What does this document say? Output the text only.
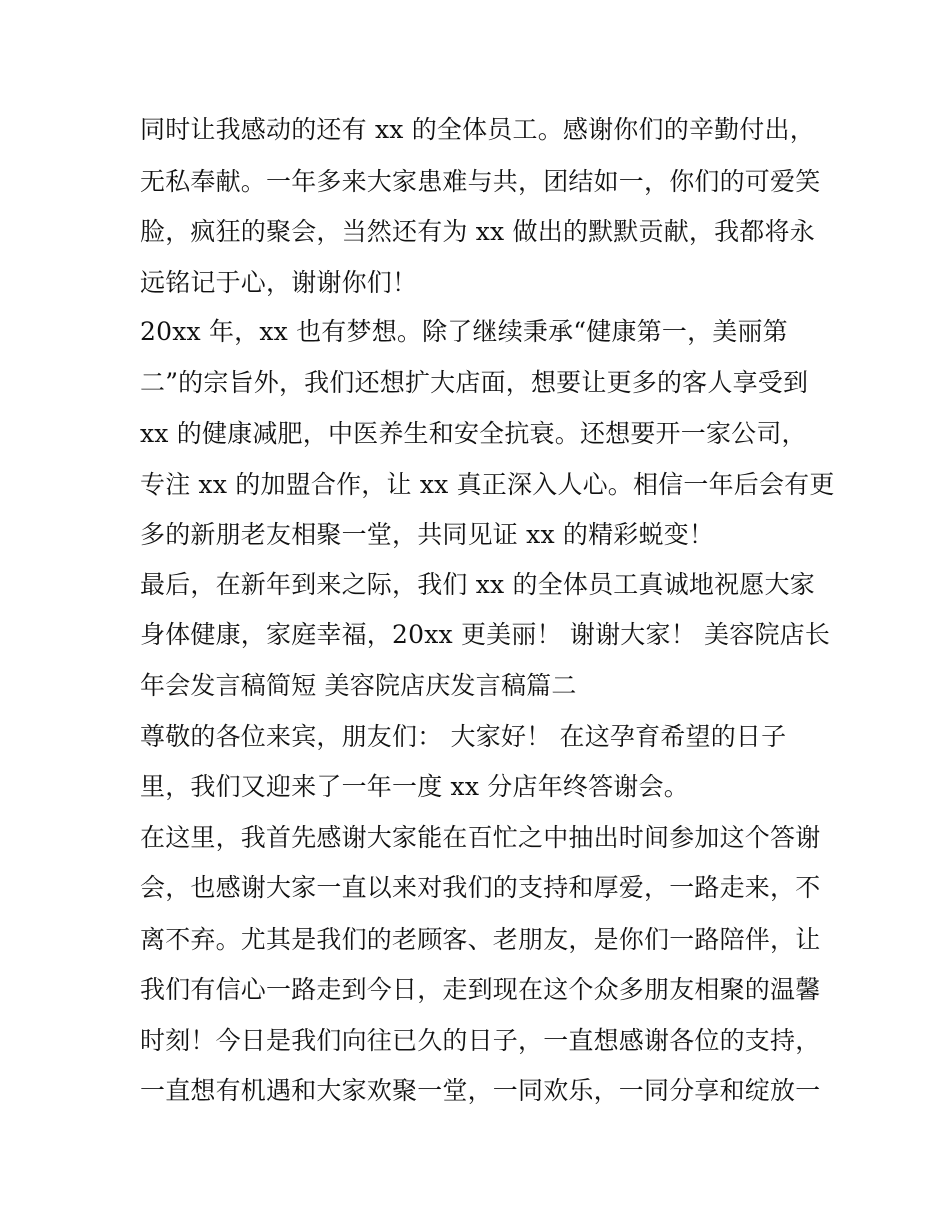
同时让我感动的还有 xx 的全体员工。感谢你们的辛勤付出，
无私奉献。一年多来大家患难与共，团结如一，你们的可爱笑
脸，疯狂的聚会，当然还有为 xx 做出的默默贡献，我都将永
远铭记于心，谢谢你们！
20xx 年，xx 也有梦想。除了继续秉承“健康第一，美丽第
二”的宗旨外，我们还想扩大店面，想要让更多的客人享受到
xx 的健康减肥，中医养生和安全抗衰。还想要开一家公司，
专注 xx 的加盟合作，让 xx 真正深入人心。相信一年后会有更
多的新朋老友相聚一堂，共同见证 xx 的精彩蜕变！
最后，在新年到来之际，我们 xx 的全体员工真诚地祝愿大家
身体健康，家庭幸福，20xx 更美丽！ 谢谢大家！ 美容院店长
年会发言稿简短 美容院店庆发言稿篇二
尊敬的各位来宾，朋友们： 大家好！ 在这孕育希望的日子
里，我们又迎来了一年一度 xx 分店年终答谢会。
在这里，我首先感谢大家能在百忙之中抽出时间参加这个答谢
会，也感谢大家一直以来对我们的支持和厚爱，一路走来，不
离不弃。尤其是我们的老顾客、老朋友，是你们一路陪伴，让
我们有信心一路走到今日，走到现在这个众多朋友相聚的温馨
时刻！今日是我们向往已久的日子，一直想感谢各位的支持，
一直想有机遇和大家欢聚一堂，一同欢乐，一同分享和绽放一
